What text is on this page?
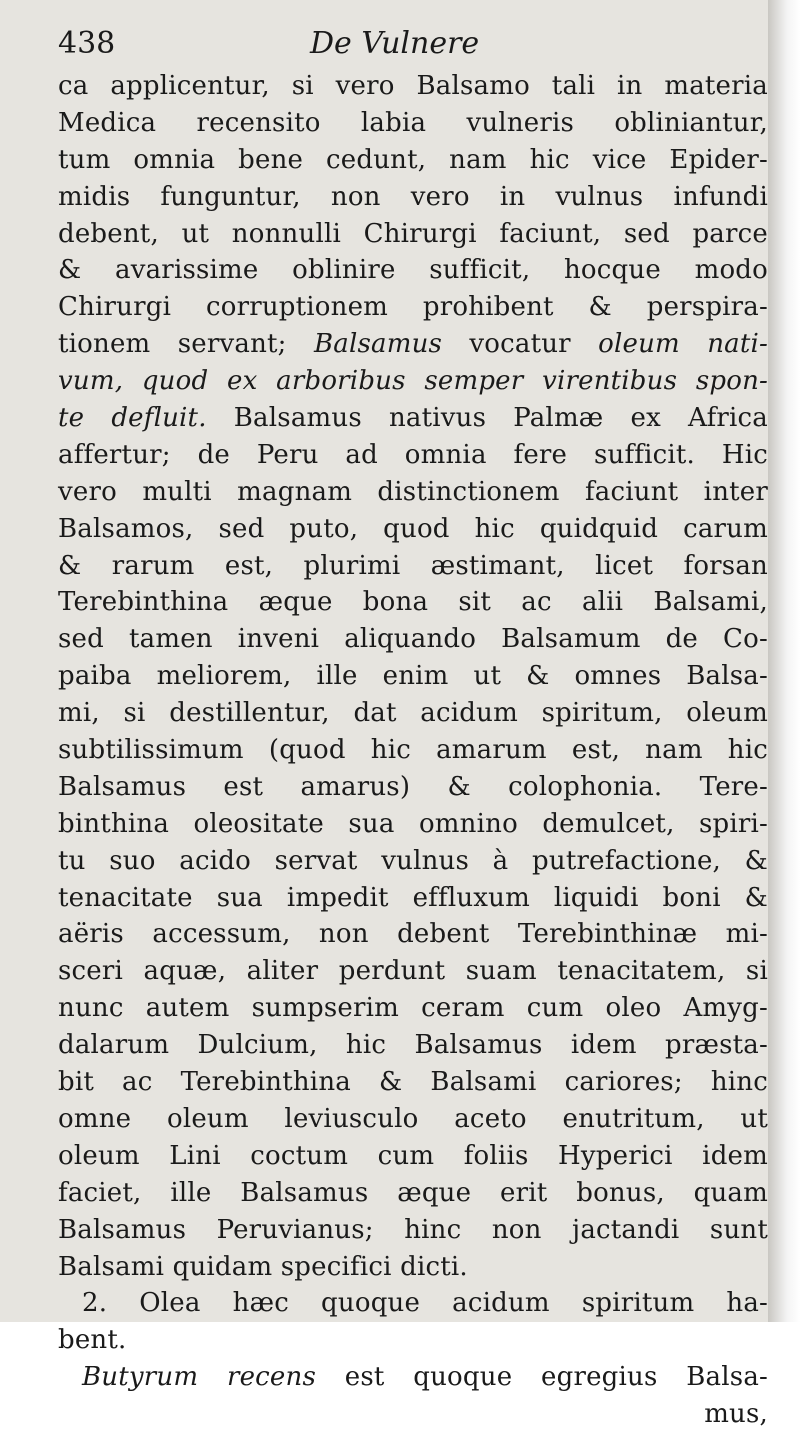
438	De Vulnere
ca applicentur, si vero Balsamo tali in materia
Medica recensito labia vulneris obliniantur,
tum omnia bene cedunt, nam hic vice Epider-
midis funguntur, non vero in vulnus infundi
debent, ut nonnulli Chirurgi faciunt, sed parce
& avarissime oblinire sufficit, hocque modo
Chirurgi corruptionem prohibent & perspira-
tionem servant; Balsamus vocatur oleum nati-
vum, quod ex arboribus semper virentibus spon-
te defluit. Balsamus nativus Palmæ ex Africa
affertur; de Peru ad omnia fere sufficit. Hic
vero multi magnam distinctionem faciunt inter
Balsamos, sed puto, quod hic quidquid carum
& rarum est, plurimi æstimant, licet forsan
Terebinthina æque bona sit ac alii Balsami,
sed tamen inveni aliquando Balsamum de Co-
paiba meliorem, ille enim ut & omnes Balsa-
mi, si destillentur, dat acidum spiritum, oleum
subtilissimum (quod hic amarum est, nam hic
Balsamus est amarus) & colophonia. Tere-
binthina oleositate sua omnino demulcet, spiri-
tu suo acido servat vulnus à putrefactione, &
tenacitate sua impedit effluxum liquidi boni &
aëris accessum, non debent Terebinthinæ mi-
sceri aquæ, aliter perdunt suam tenacitatem, si
nunc autem sumpserim ceram cum oleo Amyg-
dalarum Dulcium, hic Balsamus idem præsta-
bit ac Terebinthina & Balsami cariores; hinc
omne oleum leviusculo aceto enutritum, ut
oleum Lini coctum cum foliis Hyperici idem
faciet, ille Balsamus æque erit bonus, quam
Balsamus Peruvianus; hinc non jactandi sunt
Balsami quidam specifici dicti.
2. Olea hæc quoque acidum spiritum ha-
bent.
Butyrum recens est quoque egregius Balsa-
mus,
